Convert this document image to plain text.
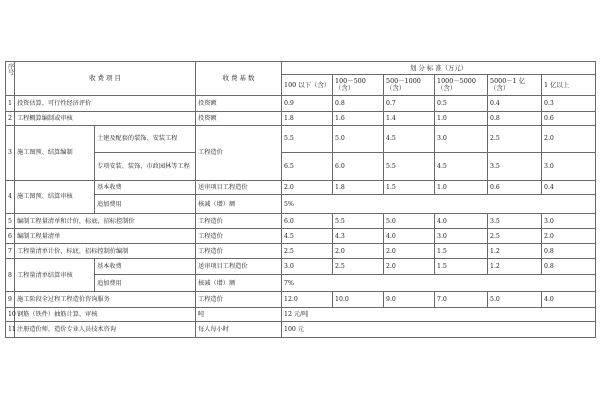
序号	收 费 项 目		收 费 基 数	划 分 标 准（万元）					
				100 以下（含）	100－500（含）	500－1000（含）	1000－5000（含）	5000－1 亿（含）	1 亿以上
1	投资估算、可行性经济评价		投资额	0.9	0.8	0.7	0.5	0.4	0.3
2	工程概算编制或审核		投资额	1.8	1.6	1.4	1.0	0.8	0.6
3	施工图预、结算编制	土建及配套的装饰、安装工程	工程造价	5.5	5.0	4.5	3.0	2.5	2.0
		专项安装、装饰、市政园林等工程		6.5	6.0	5.5	4.5	3.5	3.0
4	施工图预、结算审核	基本收费	送审项目工程造价	2.0	1.8	1.5	1.0	0.6	0.4
		追加费用	核减（增）额	5%					
5	编制工程量清单和计价，标底，招标控制价		工程造价	6.0	5.5	5.0	4.0	3.5	3.0
6	编制工程量清单		工程造价	4.5	4.3	4.0	3.0	2.5	2.0
7	工程量清单计价，标底，招标控制价编制		工程造价	2.5	2.0	2.0	1.5	1.2	0.8
8	工程量清单结算审核	基本收费	送审项目工程造价	3.0	2.5	2.0	1.5	1.2	0.8
		追加费用	核减（增）额	7%					
9	施工阶段全过程工程造价咨询服务		工程造价	12.0	10.0	9.0	7.0	5.0	4.0
10	钢筋（铁件）抽筋计算、审核		吨	12 元/吨					
11	注册造价师、造价专业人员技术咨询		每人每小时	100 元					
